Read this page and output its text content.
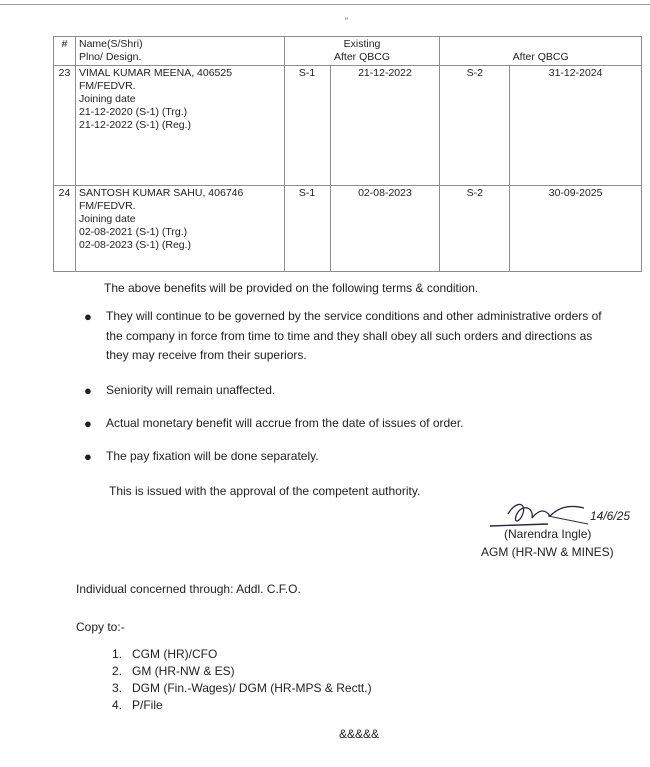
“
#	Name(S/Shri)
Plno/ Design.	Existing
After QBCG		After QBCG	
23	VIMAL KUMAR MEENA, 406525
FM/FEDVR.
Joining date
21-12-2020 (S-1) (Trg.)
21-12-2022 (S-1) (Reg.)	S-1	21-12-2022	S-2	31-12-2024
24	SANTOSH KUMAR SAHU, 406746
FM/FEDVR.
Joining date
02-08-2021 (S-1) (Trg.)
02-08-2023 (S-1) (Reg.)	S-1	02-08-2023	S-2	30-09-2025
The above benefits will be provided on the following terms & condition.
● They will continue to be governed by the service conditions and other administrative orders of the company in force from time to time and they shall obey all such orders and directions as they may receive from their superiors.
● Seniority will remain unaffected.
● Actual monetary benefit will accrue from the date of issues of order.
● The pay fixation will be done separately.
This is issued with the approval of the competent authority.
14/6/25
(Narendra Ingle)
AGM (HR-NW & MINES)
Individual concerned through: Addl. C.F.O.
Copy to:-
1. CGM (HR)/CFO
2. GM (HR-NW & ES)
3. DGM (Fin.-Wages)/ DGM (HR-MPS & Rectt.)
4. P/File
&&&&&
